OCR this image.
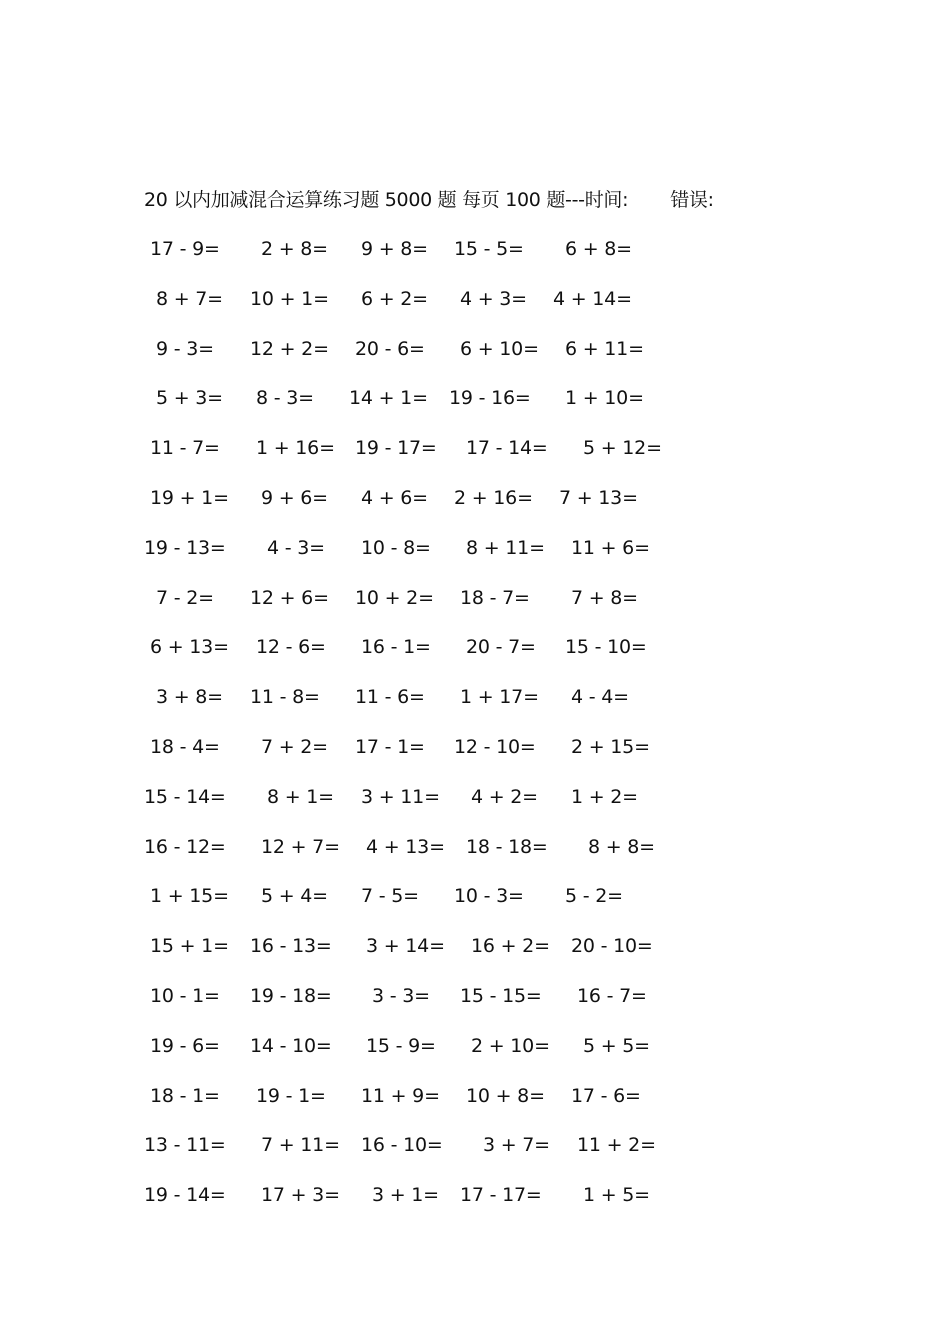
20 以内加减混合运算练习题 5000 题 每页 100 题---时间: 错误:
17 - 9= 2 + 8= 9 + 8= 15 - 5= 6 + 8=
8 + 7= 10 + 1= 6 + 2= 4 + 3= 4 + 14=
9 - 3= 12 + 2= 20 - 6= 6 + 10= 6 + 11=
5 + 3= 8 - 3= 14 + 1= 19 - 16= 1 + 10=
11 - 7= 1 + 16= 19 - 17= 17 - 14= 5 + 12=
19 + 1= 9 + 6= 4 + 6= 2 + 16= 7 + 13=
19 - 13= 4 - 3= 10 - 8= 8 + 11= 11 + 6=
7 - 2= 12 + 6= 10 + 2= 18 - 7= 7 + 8=
6 + 13= 12 - 6= 16 - 1= 20 - 7= 15 - 10=
3 + 8= 11 - 8= 11 - 6= 1 + 17= 4 - 4=
18 - 4= 7 + 2= 17 - 1= 12 - 10= 2 + 15=
15 - 14= 8 + 1= 3 + 11= 4 + 2= 1 + 2=
16 - 12= 12 + 7= 4 + 13= 18 - 18= 8 + 8=
1 + 15= 5 + 4= 7 - 5= 10 - 3= 5 - 2=
15 + 1= 16 - 13= 3 + 14= 16 + 2= 20 - 10=
10 - 1= 19 - 18= 3 - 3= 15 - 15= 16 - 7=
19 - 6= 14 - 10= 15 - 9= 2 + 10= 5 + 5=
18 - 1= 19 - 1= 11 + 9= 10 + 8= 17 - 6=
13 - 11= 7 + 11= 16 - 10= 3 + 7= 11 + 2=
19 - 14= 17 + 3= 3 + 1= 17 - 17= 1 + 5=
